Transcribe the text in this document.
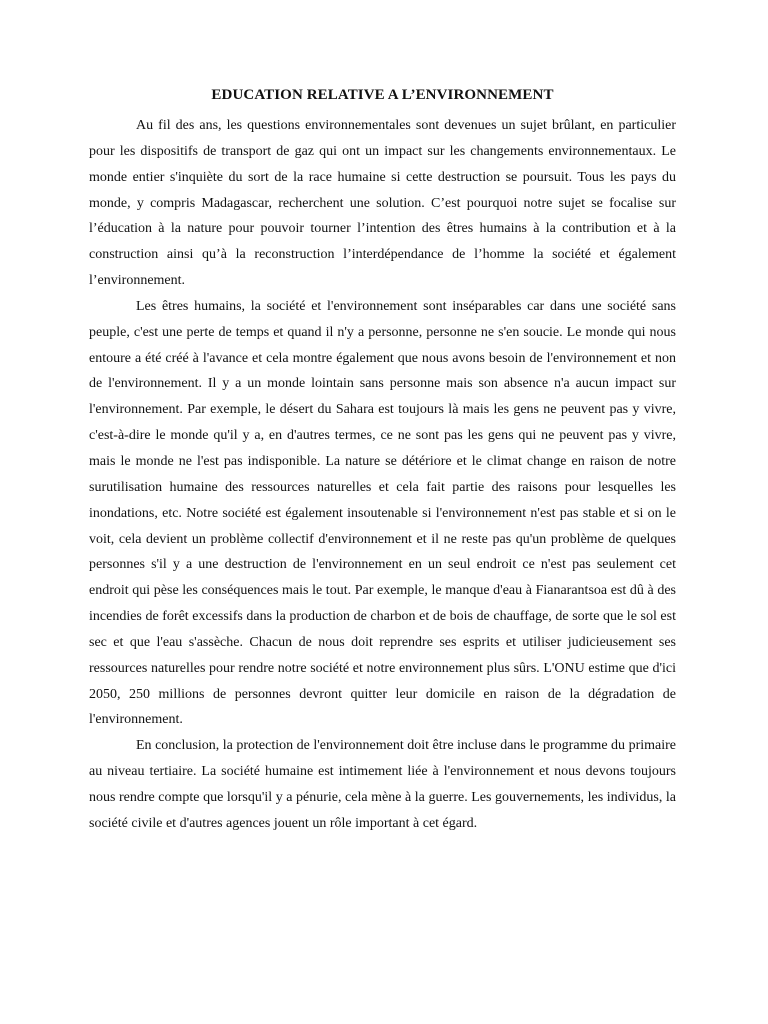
EDUCATION RELATIVE A L’ENVIRONNEMENT

Au fil des ans, les questions environnementales sont devenues un sujet brûlant, en particulier pour les dispositifs de transport de gaz qui ont un impact sur les changements environnementaux. Le monde entier s'inquiète du sort de la race humaine si cette destruction se poursuit. Tous les pays du monde, y compris Madagascar, recherchent une solution. C’est pourquoi notre sujet se focalise sur l’éducation à la nature pour pouvoir tourner l’intention des êtres humains à la contribution et à la construction ainsi qu’à la reconstruction l’interdépendance de l’homme la société et également l’environnement.

Les êtres humains, la société et l'environnement sont inséparables car dans une société sans peuple, c'est une perte de temps et quand il n'y a personne, personne ne s'en soucie. Le monde qui nous entoure a été créé à l'avance et cela montre également que nous avons besoin de l'environnement et non de l'environnement. Il y a un monde lointain sans personne mais son absence n'a aucun impact sur l'environnement. Par exemple, le désert du Sahara est toujours là mais les gens ne peuvent pas y vivre, c'est-à-dire le monde qu'il y a, en d'autres termes, ce ne sont pas les gens qui ne peuvent pas y vivre, mais le monde ne l'est pas indisponible. La nature se détériore et le climat change en raison de notre surutilisation humaine des ressources naturelles et cela fait partie des raisons pour lesquelles les inondations, etc. Notre société est également insoutenable si l'environnement n'est pas stable et si on le voit, cela devient un problème collectif d'environnement et il ne reste pas qu'un problème de quelques personnes s'il y a une destruction de l'environnement en un seul endroit ce n'est pas seulement cet endroit qui pèse les conséquences mais le tout. Par exemple, le manque d'eau à Fianarantsoa est dû à des incendies de forêt excessifs dans la production de charbon et de bois de chauffage, de sorte que le sol est sec et que l'eau s'assèche. Chacun de nous doit reprendre ses esprits et utiliser judicieusement ses ressources naturelles pour rendre notre société et notre environnement plus sûrs. L'ONU estime que d'ici 2050, 250 millions de personnes devront quitter leur domicile en raison de la dégradation de l'environnement.

En conclusion, la protection de l'environnement doit être incluse dans le programme du primaire au niveau tertiaire. La société humaine est intimement liée à l'environnement et nous devons toujours nous rendre compte que lorsqu'il y a pénurie, cela mène à la guerre. Les gouvernements, les individus, la société civile et d'autres agences jouent un rôle important à cet égard.
